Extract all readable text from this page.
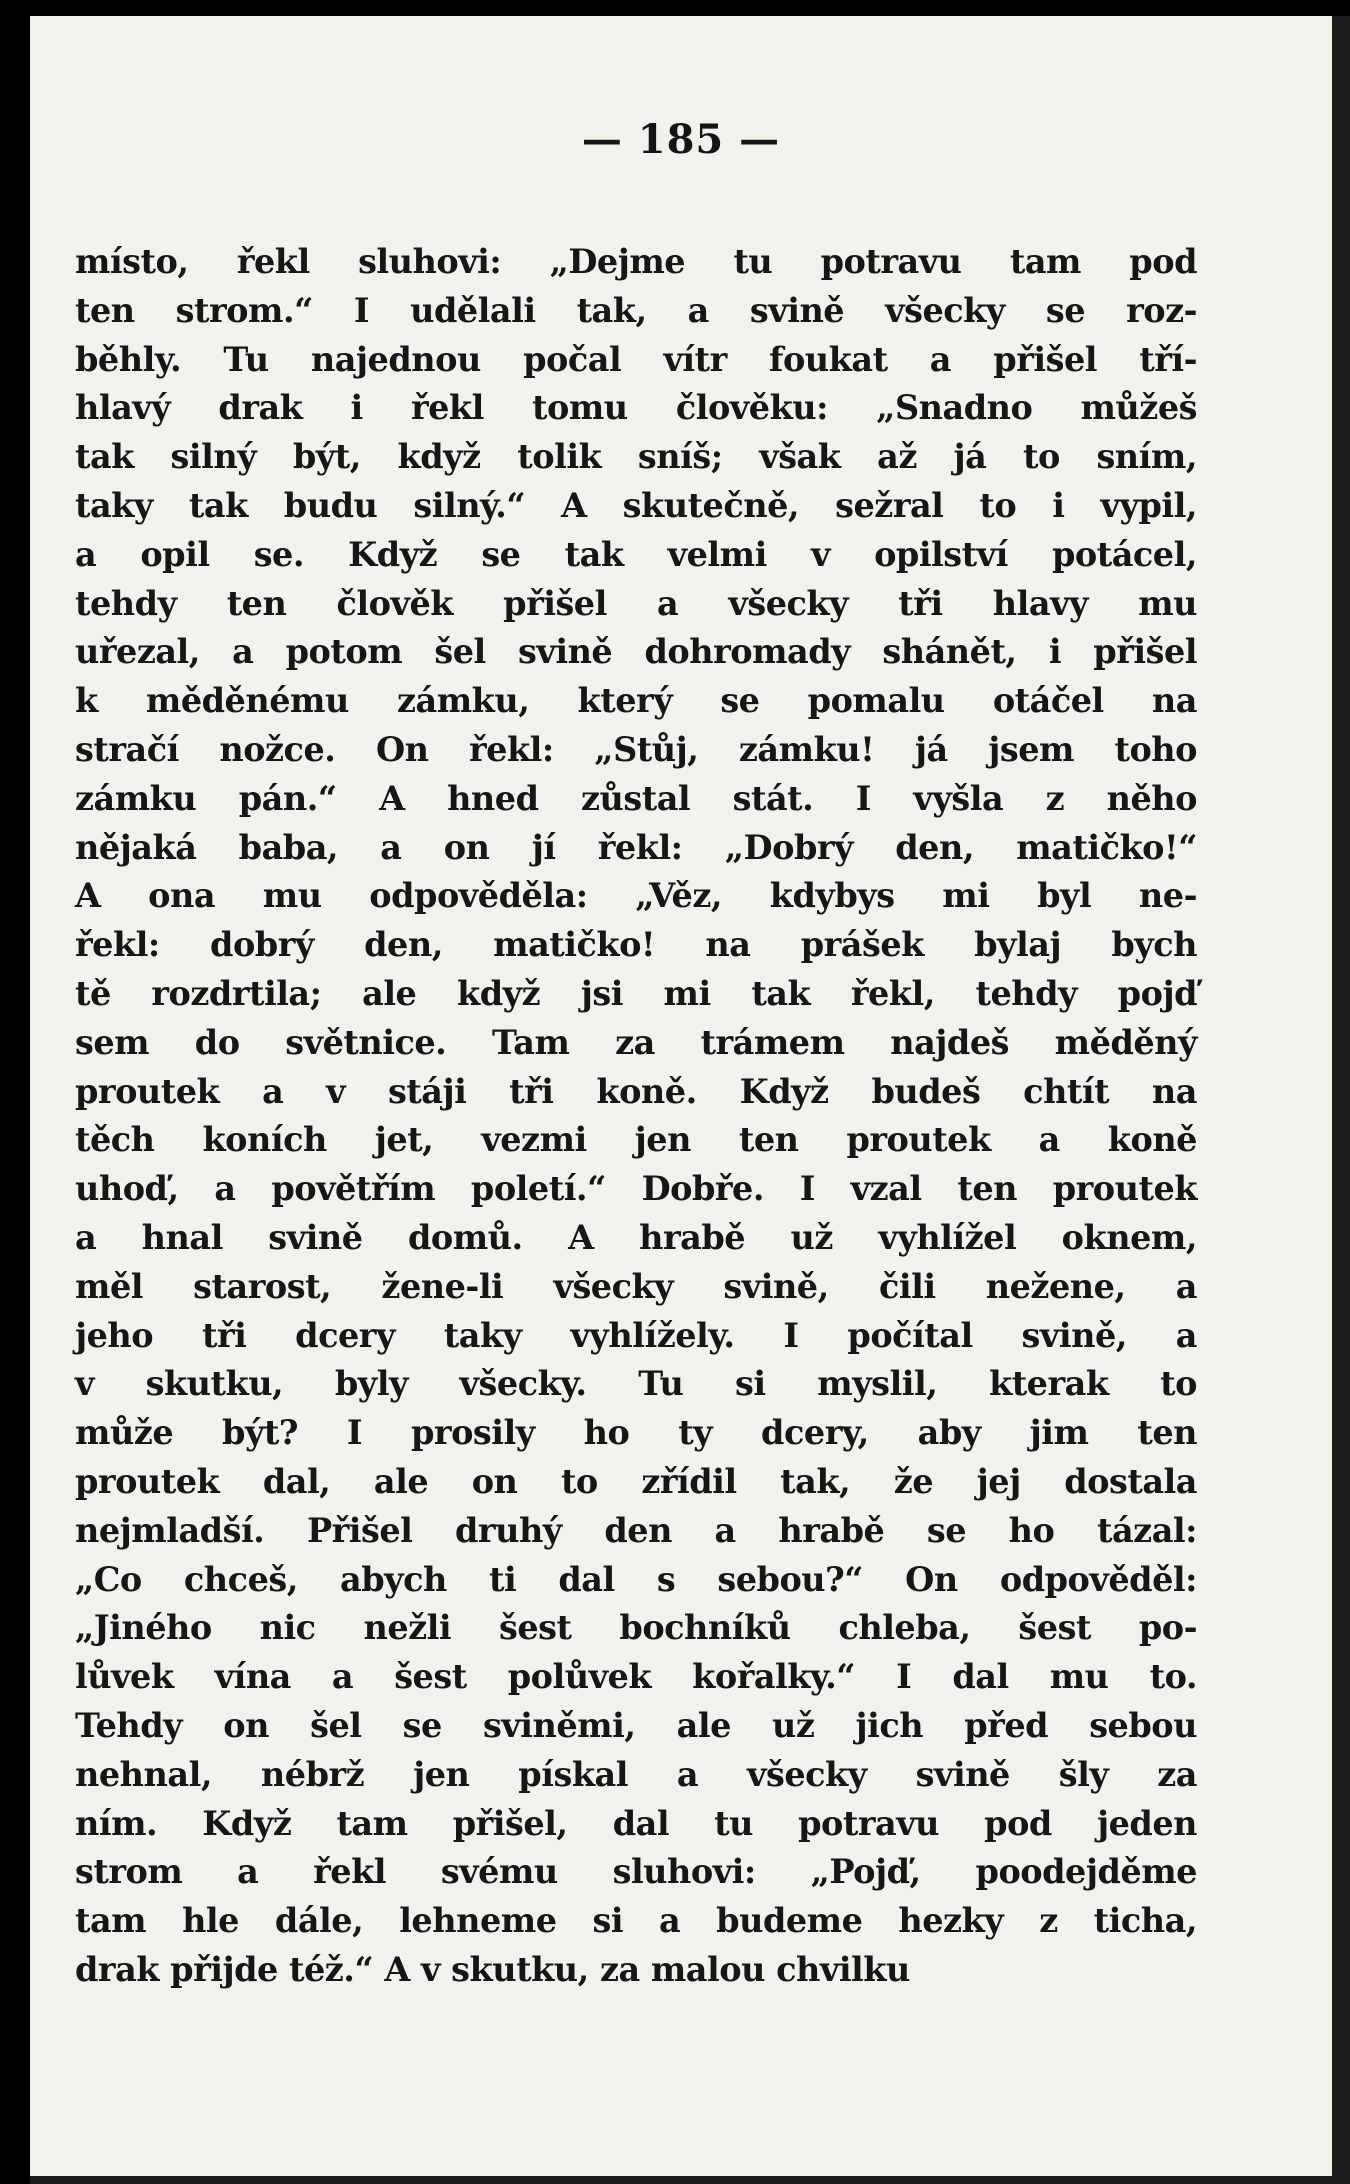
— 185 —
místo, řekl sluhovi: „Dejme tu potravu tam pod
ten strom.“ I udělali tak, a svině všecky se roz-
běhly. Tu najednou počal vítr foukat a přišel tří-
hlavý drak i řekl tomu člověku: „Snadno můžeš
tak silný být, když tolik sníš; však až já to sním,
taky tak budu silný.“ A skutečně, sežral to i vypil,
a opil se. Když se tak velmi v opilství potácel,
tehdy ten člověk přišel a všecky tři hlavy mu
uřezal, a potom šel svině dohromady shánět, i přišel
k měděnému zámku, který se pomalu otáčel na
stračí nožce. On řekl: „Stůj, zámku! já jsem toho
zámku pán.“ A hned zůstal stát. I vyšla z něho
nějaká baba, a on jí řekl: „Dobrý den, matičko!“
A ona mu odpověděla: „Věz, kdybys mi byl ne-
řekl: dobrý den, matičko! na prášek bylaj bych
tě rozdrtila; ale když jsi mi tak řekl, tehdy pojď
sem do světnice. Tam za trámem najdeš měděný
proutek a v stáji tři koně. Když budeš chtít na
těch koních jet, vezmi jen ten proutek a koně
uhoď, a povětřím poletí.“ Dobře. I vzal ten proutek
a hnal svině domů. A hrabě už vyhlížel oknem,
měl starost, žene-li všecky svině, čili nežene, a
jeho tři dcery taky vyhlížely. I počítal svině, a
v skutku, byly všecky. Tu si myslil, kterak to
může být? I prosily ho ty dcery, aby jim ten
proutek dal, ale on to zřídil tak, že jej dostala
nejmladší. Přišel druhý den a hrabě se ho tázal:
„Co chceš, abych ti dal s sebou?“ On odpověděl:
„Jiného nic nežli šest bochníků chleba, šest po-
lůvek vína a šest polůvek kořalky.“ I dal mu to.
Tehdy on šel se sviněmi, ale už jich před sebou
nehnal, nébrž jen pískal a všecky svině šly za
ním. Když tam přišel, dal tu potravu pod jeden
strom a řekl svému sluhovi: „Pojď, poodejděme
tam hle dále, lehneme si a budeme hezky z ticha,
drak přijde též.“ A v skutku, za malou chvilku
